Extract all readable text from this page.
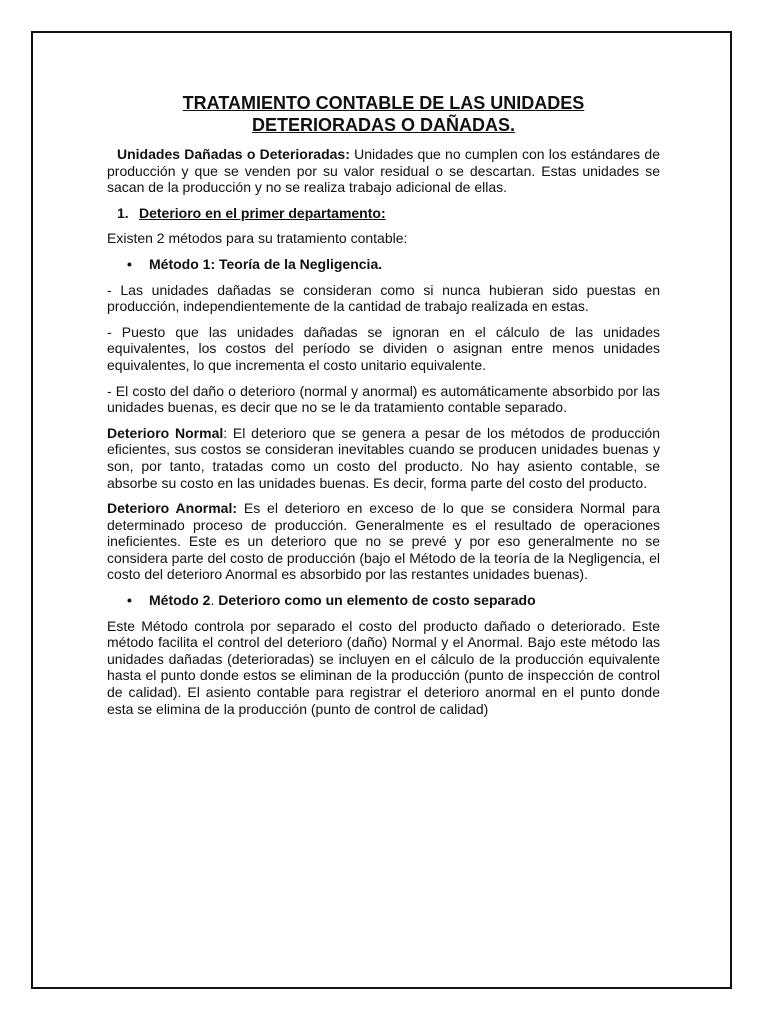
TRATAMIENTO CONTABLE DE LAS UNIDADES
DETERIORADAS O DAÑADAS.

Unidades Dañadas o Deterioradas: Unidades que no cumplen con los estándares de producción y que se venden por su valor residual o se descartan. Estas unidades se sacan de la producción y no se realiza trabajo adicional de ellas.

1. Deterioro en el primer departamento:

Existen 2 métodos para su tratamiento contable:

• Método 1: Teoría de la Negligencia.

- Las unidades dañadas se consideran como si nunca hubieran sido puestas en producción, independientemente de la cantidad de trabajo realizada en estas.

- Puesto que las unidades dañadas se ignoran en el cálculo de las unidades equivalentes, los costos del período se dividen o asignan entre menos unidades equivalentes, lo que incrementa el costo unitario equivalente.

- El costo del daño o deterioro (normal y anormal) es automáticamente absorbido por las unidades buenas, es decir que no se le da tratamiento contable separado.

Deterioro Normal: El deterioro que se genera a pesar de los métodos de producción eficientes, sus costos se consideran inevitables cuando se producen unidades buenas y son, por tanto, tratadas como un costo del producto. No hay asiento contable, se absorbe su costo en las unidades buenas. Es decir, forma parte del costo del producto.

Deterioro Anormal: Es el deterioro en exceso de lo que se considera Normal para determinado proceso de producción. Generalmente es el resultado de operaciones ineficientes. Este es un deterioro que no se prevé y por eso generalmente no se considera parte del costo de producción (bajo el Método de la teoría de la Negligencia, el costo del deterioro Anormal es absorbido por las restantes unidades buenas).

• Método 2. Deterioro como un elemento de costo separado

Este Método controla por separado el costo del producto dañado o deteriorado. Este método facilita el control del deterioro (daño) Normal y el Anormal. Bajo este método las unidades dañadas (deterioradas) se incluyen en el cálculo de la producción equivalente hasta el punto donde estos se eliminan de la producción (punto de inspección de control de calidad). El asiento contable para registrar el deterioro anormal en el punto donde esta se elimina de la producción (punto de control de calidad)
